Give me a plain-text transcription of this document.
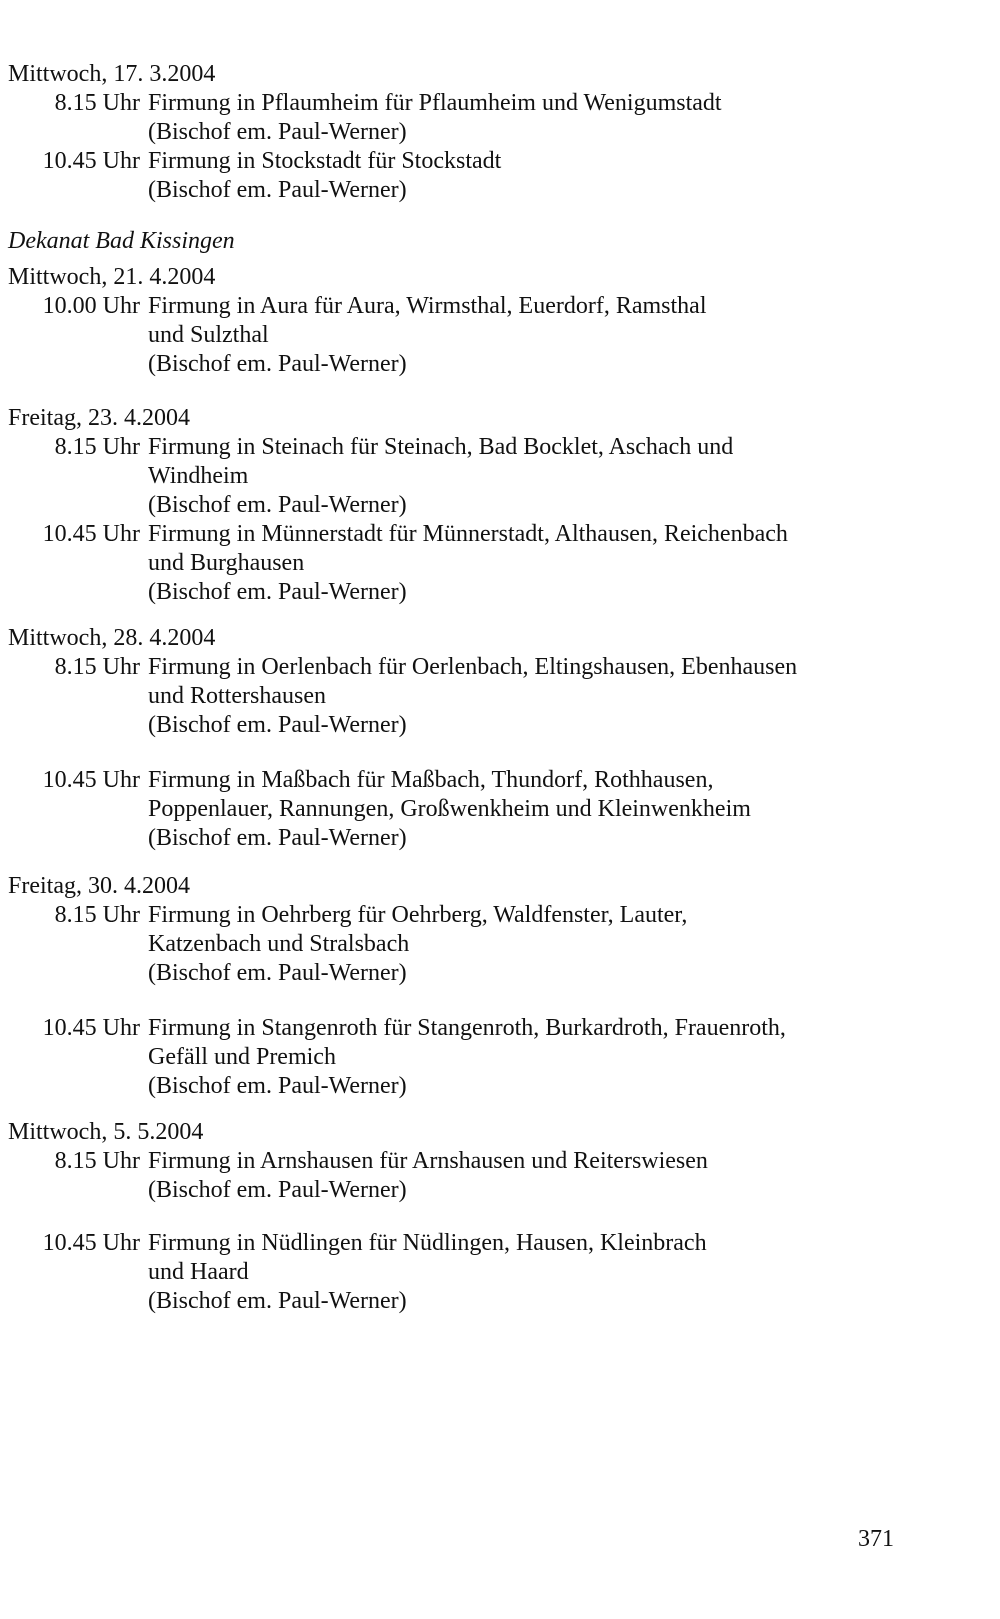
Mittwoch, 17. 3.2004
8.15 Uhr Firmung in Pflaumheim für Pflaumheim und Wenigumstadt
(Bischof em. Paul-Werner)
10.45 Uhr Firmung in Stockstadt für Stockstadt
(Bischof em. Paul-Werner)
Dekanat Bad Kissingen
Mittwoch, 21. 4.2004
10.00 Uhr Firmung in Aura für Aura, Wirmsthal, Euerdorf, Ramsthal
und Sulzthal
(Bischof em. Paul-Werner)
Freitag, 23. 4.2004
8.15 Uhr Firmung in Steinach für Steinach, Bad Bocklet, Aschach und
Windheim
(Bischof em. Paul-Werner)
10.45 Uhr Firmung in Münnerstadt für Münnerstadt, Althausen, Reichenbach
und Burghausen
(Bischof em. Paul-Werner)
Mittwoch, 28. 4.2004
8.15 Uhr Firmung in Oerlenbach für Oerlenbach, Eltingshausen, Ebenhausen
und Rottershausen
(Bischof em. Paul-Werner)
10.45 Uhr Firmung in Maßbach für Maßbach, Thundorf, Rothhausen,
Poppenlauer, Rannungen, Großwenkheim und Kleinwenkheim
(Bischof em. Paul-Werner)
Freitag, 30. 4.2004
8.15 Uhr Firmung in Oehrberg für Oehrberg, Waldfenster, Lauter,
Katzenbach und Stralsbach
(Bischof em. Paul-Werner)
10.45 Uhr Firmung in Stangenroth für Stangenroth, Burkardroth, Frauenroth,
Gefäll und Premich
(Bischof em. Paul-Werner)
Mittwoch, 5. 5.2004
8.15 Uhr Firmung in Arnshausen für Arnshausen und Reiterswiesen
(Bischof em. Paul-Werner)
10.45 Uhr Firmung in Nüdlingen für Nüdlingen, Hausen, Kleinbrach
und Haard
(Bischof em. Paul-Werner)
371
